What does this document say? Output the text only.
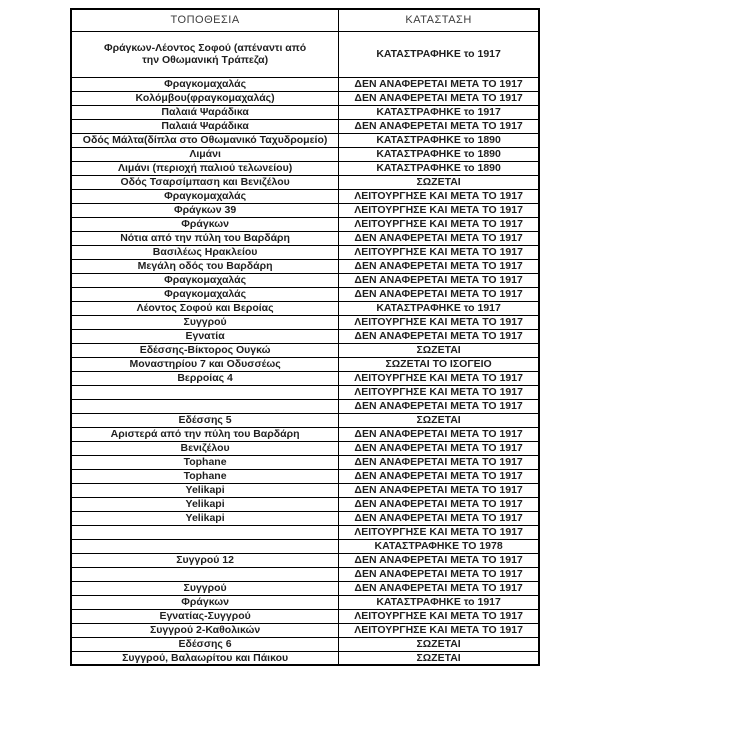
ΤΟΠΟΘΕΣΙΑ	ΚΑΤΑΣΤΑΣΗ
Φράγκων-Λέοντος Σοφού (απέναντι από την Οθωμανική Τράπεζα)	ΚΑΤΑΣΤΡΑΦΗΚΕ το 1917
Φραγκομαχαλάς	ΔΕΝ ΑΝΑΦΕΡΕΤΑΙ ΜΕΤΑ ΤΟ 1917
Κολόμβου(φραγκομαχαλάς)	ΔΕΝ ΑΝΑΦΕΡΕΤΑΙ ΜΕΤΑ ΤΟ 1917
Παλαιά Ψαράδικα	ΚΑΤΑΣΤΡΑΦΗΚΕ το 1917
Παλαιά Ψαράδικα	ΔΕΝ ΑΝΑΦΕΡΕΤΑΙ ΜΕΤΑ ΤΟ 1917
Οδός Μάλτα(δίπλα στο Οθωμανικό Ταχυδρομείο)	ΚΑΤΑΣΤΡΑΦΗΚΕ το 1890
Λιμάνι	ΚΑΤΑΣΤΡΑΦΗΚΕ το 1890
Λιμάνι (περιοχή παλιού τελωνείου)	ΚΑΤΑΣΤΡΑΦΗΚΕ το 1890
Οδός Τσαρσίμπαση και Βενιζέλου	ΣΩΖΕΤΑΙ
Φραγκομαχαλάς	ΛΕΙΤΟΥΡΓΗΣΕ ΚΑΙ ΜΕΤΑ ΤΟ 1917
Φράγκων 39	ΛΕΙΤΟΥΡΓΗΣΕ ΚΑΙ ΜΕΤΑ ΤΟ 1917
Φράγκων	ΛΕΙΤΟΥΡΓΗΣΕ ΚΑΙ ΜΕΤΑ ΤΟ 1917
Νότια από την πύλη του Βαρδάρη	ΔΕΝ ΑΝΑΦΕΡΕΤΑΙ ΜΕΤΑ ΤΟ 1917
Βασιλέως Ηρακλείου	ΛΕΙΤΟΥΡΓΗΣΕ ΚΑΙ ΜΕΤΑ ΤΟ 1917
Μεγάλη οδός του Βαρδάρη	ΔΕΝ ΑΝΑΦΕΡΕΤΑΙ ΜΕΤΑ ΤΟ 1917
Φραγκομαχαλάς	ΔΕΝ ΑΝΑΦΕΡΕΤΑΙ ΜΕΤΑ ΤΟ 1917
Φραγκομαχαλάς	ΔΕΝ ΑΝΑΦΕΡΕΤΑΙ ΜΕΤΑ ΤΟ 1917
Λέοντος Σοφού και Βεροίας	ΚΑΤΑΣΤΡΑΦΗΚΕ το 1917
Συγγρού	ΛΕΙΤΟΥΡΓΗΣΕ ΚΑΙ ΜΕΤΑ ΤΟ 1917
Εγνατία	ΔΕΝ ΑΝΑΦΕΡΕΤΑΙ ΜΕΤΑ ΤΟ 1917
Εδέσσης-Βίκτορος Ουγκώ	ΣΩΖΕΤΑΙ
Μοναστηρίου 7 και Οδυσσέως	ΣΩΖΕΤΑΙ ΤΟ ΙΣΟΓΕΙΟ
Βερροίας 4	ΛΕΙΤΟΥΡΓΗΣΕ ΚΑΙ ΜΕΤΑ ΤΟ 1917
	ΛΕΙΤΟΥΡΓΗΣΕ ΚΑΙ ΜΕΤΑ ΤΟ 1917
	ΔΕΝ ΑΝΑΦΕΡΕΤΑΙ ΜΕΤΑ ΤΟ 1917
Εδέσσης 5	ΣΩΖΕΤΑΙ
Αριστερά από την πύλη του Βαρδάρη	ΔΕΝ ΑΝΑΦΕΡΕΤΑΙ ΜΕΤΑ ΤΟ 1917
Βενιζέλου	ΔΕΝ ΑΝΑΦΕΡΕΤΑΙ ΜΕΤΑ ΤΟ 1917
Tophane	ΔΕΝ ΑΝΑΦΕΡΕΤΑΙ ΜΕΤΑ ΤΟ 1917
Tophane	ΔΕΝ ΑΝΑΦΕΡΕΤΑΙ ΜΕΤΑ ΤΟ 1917
Yelikapi	ΔΕΝ ΑΝΑΦΕΡΕΤΑΙ ΜΕΤΑ ΤΟ 1917
Yelikapi	ΔΕΝ ΑΝΑΦΕΡΕΤΑΙ ΜΕΤΑ ΤΟ 1917
Yelikapi	ΔΕΝ ΑΝΑΦΕΡΕΤΑΙ ΜΕΤΑ ΤΟ 1917
	ΛΕΙΤΟΥΡΓΗΣΕ ΚΑΙ ΜΕΤΑ ΤΟ 1917
	ΚΑΤΑΣΤΡΑΦΗΚΕ ΤΟ 1978
Συγγρού 12	ΔΕΝ ΑΝΑΦΕΡΕΤΑΙ ΜΕΤΑ ΤΟ 1917
	ΔΕΝ ΑΝΑΦΕΡΕΤΑΙ ΜΕΤΑ ΤΟ 1917
Συγγρού	ΔΕΝ ΑΝΑΦΕΡΕΤΑΙ ΜΕΤΑ ΤΟ 1917
Φράγκων	ΚΑΤΑΣΤΡΑΦΗΚΕ το 1917
Εγνατίας-Συγγρού	ΛΕΙΤΟΥΡΓΗΣΕ ΚΑΙ ΜΕΤΑ ΤΟ 1917
Συγγρού 2-Καθολικών	ΛΕΙΤΟΥΡΓΗΣΕ ΚΑΙ ΜΕΤΑ ΤΟ 1917
Εδέσσης 6	ΣΩΖΕΤΑΙ
Συγγρού, Βαλαωρίτου και Πάικου	ΣΩΖΕΤΑΙ
